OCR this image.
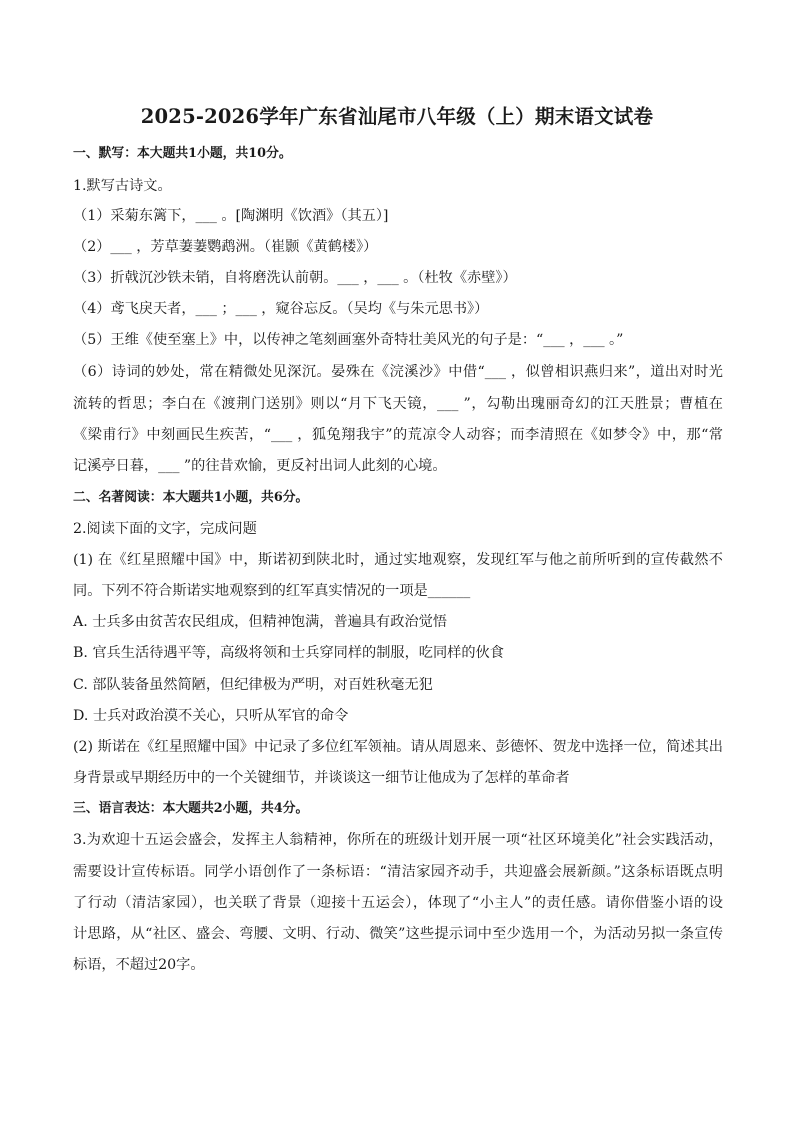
2025-2026学年广东省汕尾市八年级（上）期末语文试卷
一、默写：本大题共1小题，共10分。
1.默写古诗文。
（1）采菊东篱下，___ 。[陶渊明《饮酒》（其五）]
（2）___ ，芳草萋萋鹦鹉洲。（崔颢《黄鹤楼》）
（3）折戟沉沙铁未销，自将磨洗认前朝。___ ，___ 。（杜牧《赤壁》）
（4）鸢飞戾天者，___ ；___ ，窥谷忘反。（吴均《与朱元思书》）
（5）王维《使至塞上》中，以传神之笔刻画塞外奇特壮美风光的句子是：“___ ，___ 。”
（6）诗词的妙处，常在精微处见深沉。晏殊在《浣溪沙》中借“___ ，似曾相识燕归来”，道出对时光
流转的哲思；李白在《渡荆门送别》则以“月下飞天镜，___ ”，勾勒出瑰丽奇幻的江天胜景；曹植在
《梁甫行》中刻画民生疾苦，“___ ，狐兔翔我宇”的荒凉令人动容；而李清照在《如梦令》中，那“常
记溪亭日暮，___ ”的往昔欢愉，更反衬出词人此刻的心境。
二、名著阅读：本大题共1小题，共6分。
2.阅读下面的文字，完成问题
(1) 在《红星照耀中国》中，斯诺初到陕北时，通过实地观察，发现红军与他之前所听到的宣传截然不
同。下列不符合斯诺实地观察到的红军真实情况的一项是______
A. 士兵多由贫苦农民组成，但精神饱满，普遍具有政治觉悟
B. 官兵生活待遇平等，高级将领和士兵穿同样的制服，吃同样的伙食
C. 部队装备虽然简陋，但纪律极为严明，对百姓秋毫无犯
D. 士兵对政治漠不关心，只听从军官的命令
(2) 斯诺在《红星照耀中国》中记录了多位红军领袖。请从周恩来、彭德怀、贺龙中选择一位，简述其出
身背景或早期经历中的一个关键细节，并谈谈这一细节让他成为了怎样的革命者
三、语言表达：本大题共2小题，共4分。
3.为欢迎十五运会盛会，发挥主人翁精神，你所在的班级计划开展一项“社区环境美化”社会实践活动，
需要设计宣传标语。同学小语创作了一条标语：“清洁家园齐动手，共迎盛会展新颜。”这条标语既点明
了行动（清洁家园），也关联了背景（迎接十五运会），体现了“小主人”的责任感。请你借鉴小语的设
计思路，从“社区、盛会、弯腰、文明、行动、微笑”这些提示词中至少选用一个，为活动另拟一条宣传
标语，不超过20字。
